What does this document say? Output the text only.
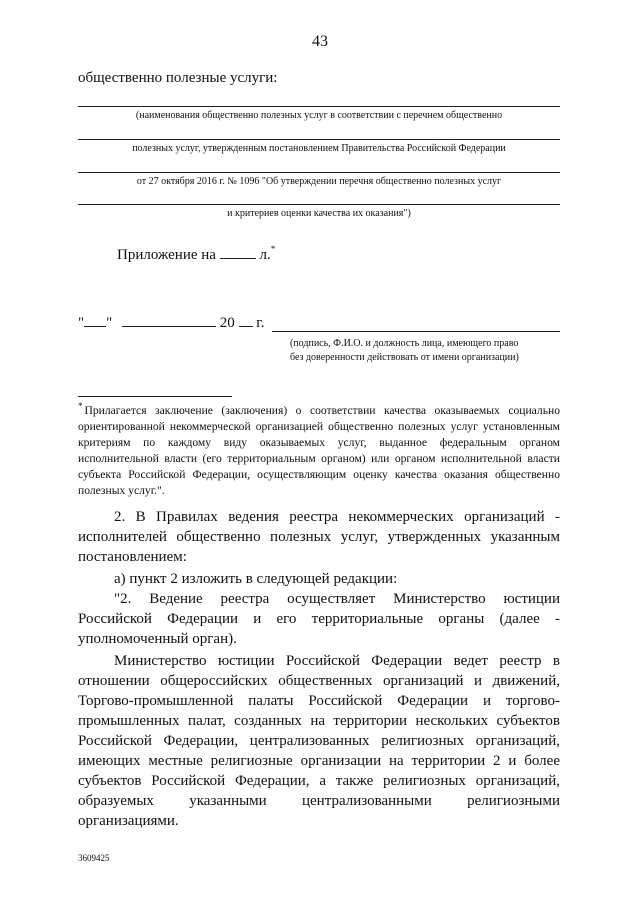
43
общественно полезные услуги:
(наименования общественно полезных услуг в соответствии с перечнем общественно
полезных услуг, утвержденным постановлением Правительства Российской Федерации
от 27 октября 2016 г. № 1096 "Об утверждении перечня общественно полезных услуг
и критериев оценки качества их оказания")
Приложение на	л.*
" "	20 г.
(подпись, Ф.И.О. и должность лица, имеющего право
без доверенности действовать от имени организации)
* Прилагается заключение (заключения) о соответствии качества оказываемых социально ориентированной некоммерческой организацией общественно полезных услуг установленным критериям по каждому виду оказываемых услуг, выданное федеральным органом исполнительной власти (его территориальным органом) или органом исполнительной власти субъекта Российской Федерации, осуществляющим оценку качества оказания общественно полезных услуг.".
2. В Правилах ведения реестра некоммерческих организаций - исполнителей общественно полезных услуг, утвержденных указанным постановлением:
а) пункт 2 изложить в следующей редакции:
"2. Ведение реестра осуществляет Министерство юстиции Российской Федерации и его территориальные органы (далее - уполномоченный орган).
Министерство юстиции Российской Федерации ведет реестр в отношении общероссийских общественных организаций и движений, Торгово-промышленной палаты Российской Федерации и торгово-промышленных палат, созданных на территории нескольких субъектов Российской Федерации, централизованных религиозных организаций, имеющих местные религиозные организации на территории 2 и более субъектов Российской Федерации, а также религиозных организаций, образуемых указанными централизованными религиозными организациями.
3609425
